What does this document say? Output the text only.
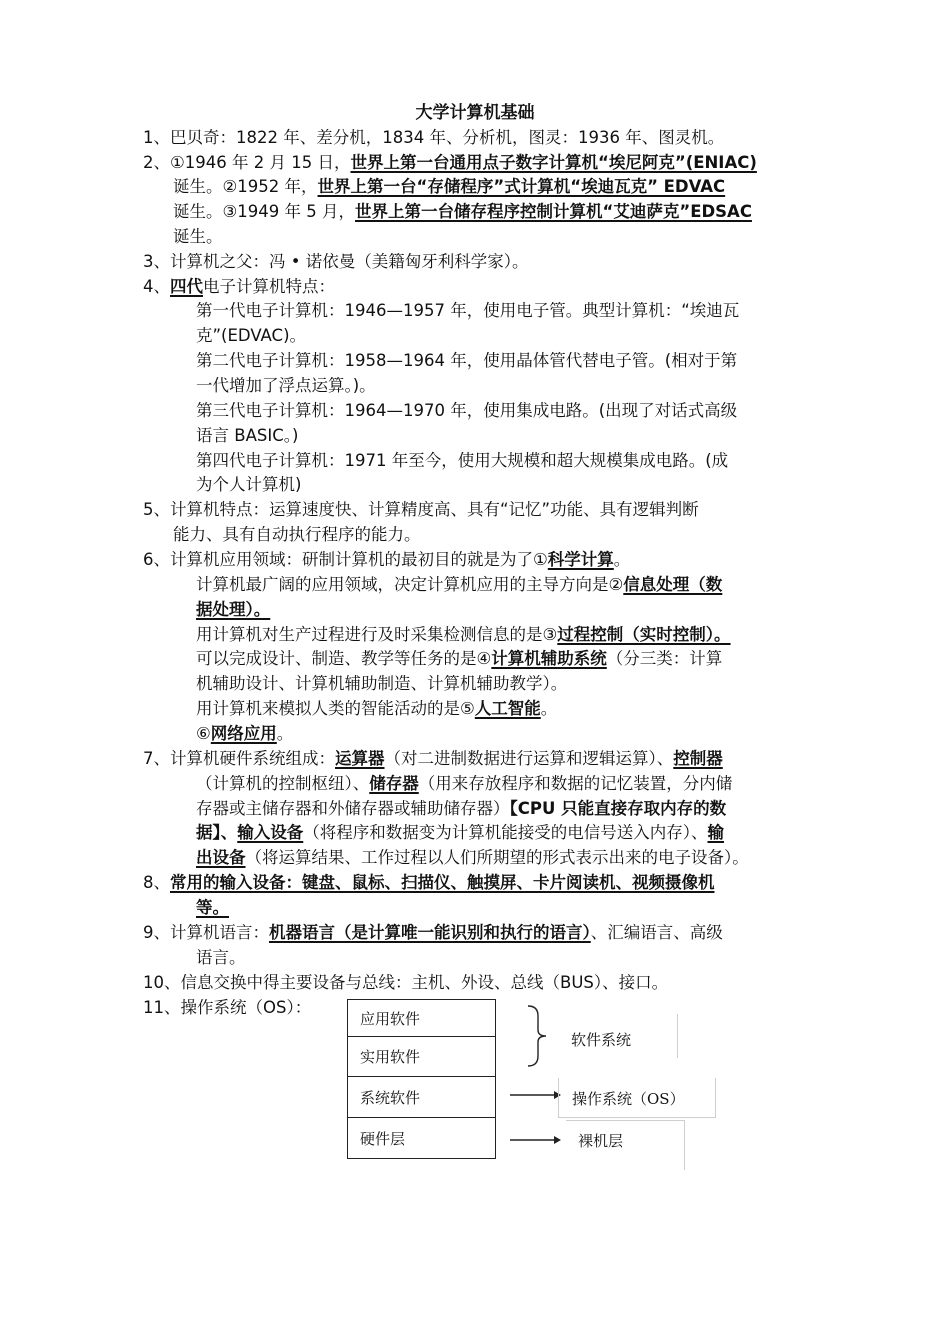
大学计算机基础
1、巴贝奇：1822 年、差分机，1834 年、分析机，图灵：1936 年、图灵机。
2、①1946 年 2 月 15 日，世界上第一台通用点子数字计算机“埃尼阿克”(ENIAC)
诞生。②1952 年，世界上第一台“存储程序”式计算机“埃迪瓦克” EDVAC
诞生。③1949 年 5 月，世界上第一台储存程序控制计算机“艾迪萨克”EDSAC
诞生。
3、计算机之父：冯 • 诺依曼（美籍匈牙利科学家）。
4、四代电子计算机特点：
第一代电子计算机：1946—1957 年，使用电子管。典型计算机：“埃迪瓦
克”(EDVAC)。
第二代电子计算机：1958—1964 年，使用晶体管代替电子管。(相对于第
一代增加了浮点运算。)。
第三代电子计算机：1964—1970 年，使用集成电路。(出现了对话式高级
语言 BASIC。)
第四代电子计算机：1971 年至今，使用大规模和超大规模集成电路。(成
为个人计算机)
5、计算机特点：运算速度快、计算精度高、具有“记忆”功能、具有逻辑判断
能力、具有自动执行程序的能力。
6、计算机应用领域：研制计算机的最初目的就是为了①科学计算。
计算机最广阔的应用领域，决定计算机应用的主导方向是②信息处理（数
据处理）。
用计算机对生产过程进行及时采集检测信息的是③过程控制（实时控制）。
可以完成设计、制造、教学等任务的是④计算机辅助系统（分三类：计算
机辅助设计、计算机辅助制造、计算机辅助教学）。
用计算机来模拟人类的智能活动的是⑤人工智能。
⑥网络应用。
7、计算机硬件系统组成：运算器（对二进制数据进行运算和逻辑运算）、控制器
（计算机的控制枢纽）、储存器（用来存放程序和数据的记忆装置，分内储
存器或主储存器和外储存器或辅助储存器）【CPU 只能直接存取内存的数
据】、输入设备（将程序和数据变为计算机能接受的电信号送入内存）、输
出设备（将运算结果、工作过程以人们所期望的形式表示出来的电子设备）。
8、常用的输入设备：键盘、鼠标、扫描仪、触摸屏、卡片阅读机、视频摄像机
等。
9、计算机语言：机器语言（是计算唯一能识别和执行的语言）、汇编语言、高级
语言。
10、信息交换中得主要设备与总线：主机、外设、总线（BUS）、接口。
11、操作系统（OS）：
应用软件
实用软件
系统软件
硬件层
软件系统
操作系统（OS）
裸机层
